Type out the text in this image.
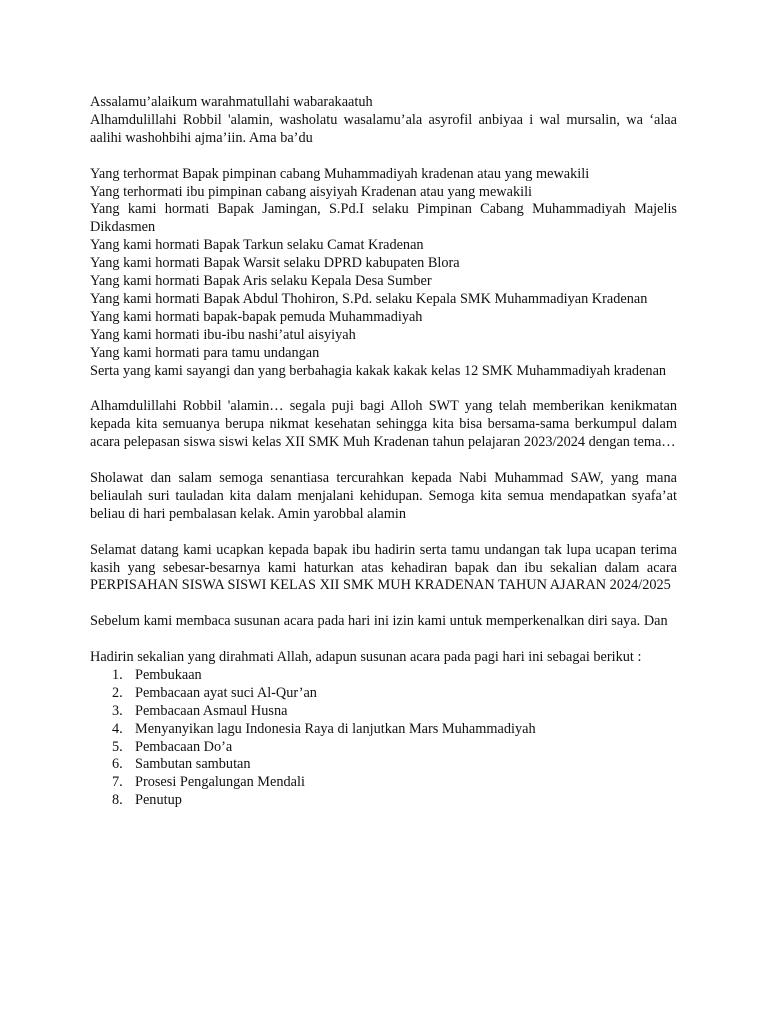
Assalamu’alaikum warahmatullahi wabarakaatuh
Alhamdulillahi Robbil 'alamin, washolatu wasalamu’ala asyrofil anbiyaa i wal mursalin, wa ‘alaa aalihi washohbihi ajma’iin. Ama ba’du
Yang terhormat Bapak pimpinan cabang Muhammadiyah kradenan atau yang mewakili
Yang terhormati ibu pimpinan cabang aisyiyah Kradenan atau yang mewakili
Yang kami hormati Bapak Jamingan, S.Pd.I selaku Pimpinan Cabang Muhammadiyah Majelis Dikdasmen
Yang kami hormati Bapak Tarkun selaku Camat Kradenan
Yang kami hormati Bapak Warsit selaku DPRD kabupaten Blora
Yang kami hormati Bapak Aris selaku Kepala Desa Sumber
Yang kami hormati Bapak Abdul Thohiron, S.Pd. selaku Kepala SMK Muhammadiyan Kradenan
Yang kami hormati bapak-bapak pemuda Muhammadiyah
Yang kami hormati ibu-ibu nashi’atul aisyiyah
Yang kami hormati para tamu undangan
Serta yang kami sayangi dan yang berbahagia kakak kakak kelas 12 SMK Muhammadiyah kradenan

Alhamdulillahi Robbil 'alamin… segala puji bagi Alloh SWT yang telah memberikan kenikmatan kepada kita semuanya berupa nikmat kesehatan sehingga kita bisa bersama-sama berkumpul dalam acara pelepasan siswa siswi kelas XII SMK Muh Kradenan tahun pelajaran 2023/2024 dengan tema…

Sholawat dan salam semoga senantiasa tercurahkan kepada Nabi Muhammad SAW, yang mana beliaulah suri tauladan kita dalam menjalani kehidupan. Semoga kita semua mendapatkan syafa’at beliau di hari pembalasan kelak. Amin yarobbal alamin

Selamat datang kami ucapkan kepada bapak ibu hadirin serta tamu undangan tak lupa ucapan terima kasih yang sebesar-besarnya kami haturkan atas kehadiran bapak dan ibu sekalian dalam acara PERPISAHAN SISWA SISWI KELAS XII SMK MUH KRADENAN TAHUN AJARAN 2024/2025

Sebelum kami membaca susunan acara pada hari ini izin kami untuk memperkenalkan diri saya. Dan

Hadirin sekalian yang dirahmati Allah, adapun susunan acara pada pagi hari ini sebagai berikut :
1. Pembukaan
2. Pembacaan ayat suci Al-Qur’an
3. Pembacaan Asmaul Husna
4. Menyanyikan lagu Indonesia Raya di lanjutkan Mars Muhammadiyah
5. Pembacaan Do’a
6. Sambutan sambutan
7. Prosesi Pengalungan Mendali
8. Penutup
